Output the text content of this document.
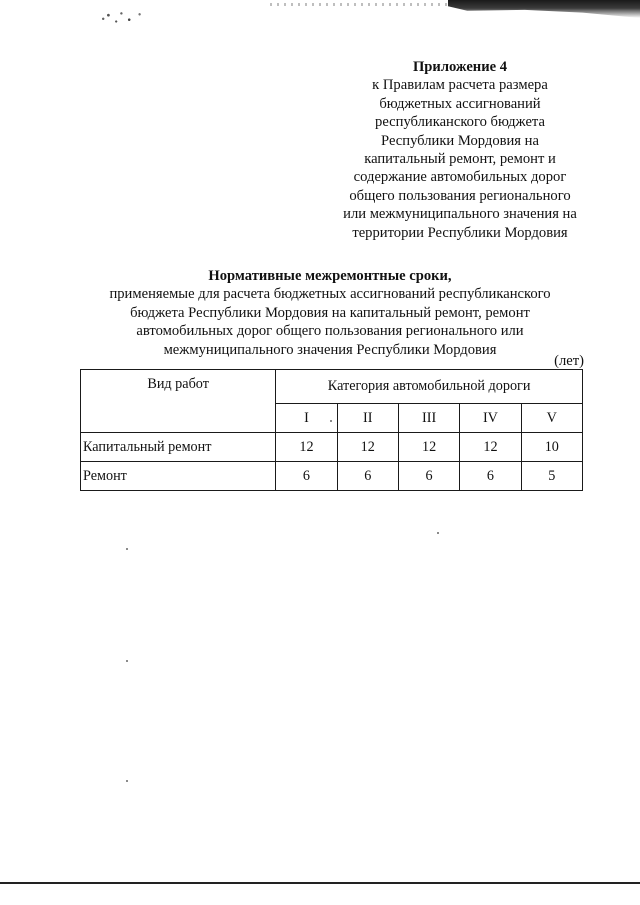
Приложение 4
к Правилам расчета размера
бюджетных ассигнований
республиканского бюджета
Республики Мордовия на
капитальный ремонт, ремонт и
содержание автомобильных дорог
общего пользования регионального
или межмуниципального значения на
территории Республики Мордовия
Нормативные межремонтные сроки,
применяемые для расчета бюджетных ассигнований республиканского
бюджета Республики Мордовия на капитальный ремонт, ремонт
автомобильных дорог общего пользования регионального или
межмуниципального значения Республики Мордовия
(лет)
Вид работ	Категория автомобильной дороги				
	I	II	III	IV	V
Капитальный ремонт	12	12	12	12	10
Ремонт	6	6	6	6	5
